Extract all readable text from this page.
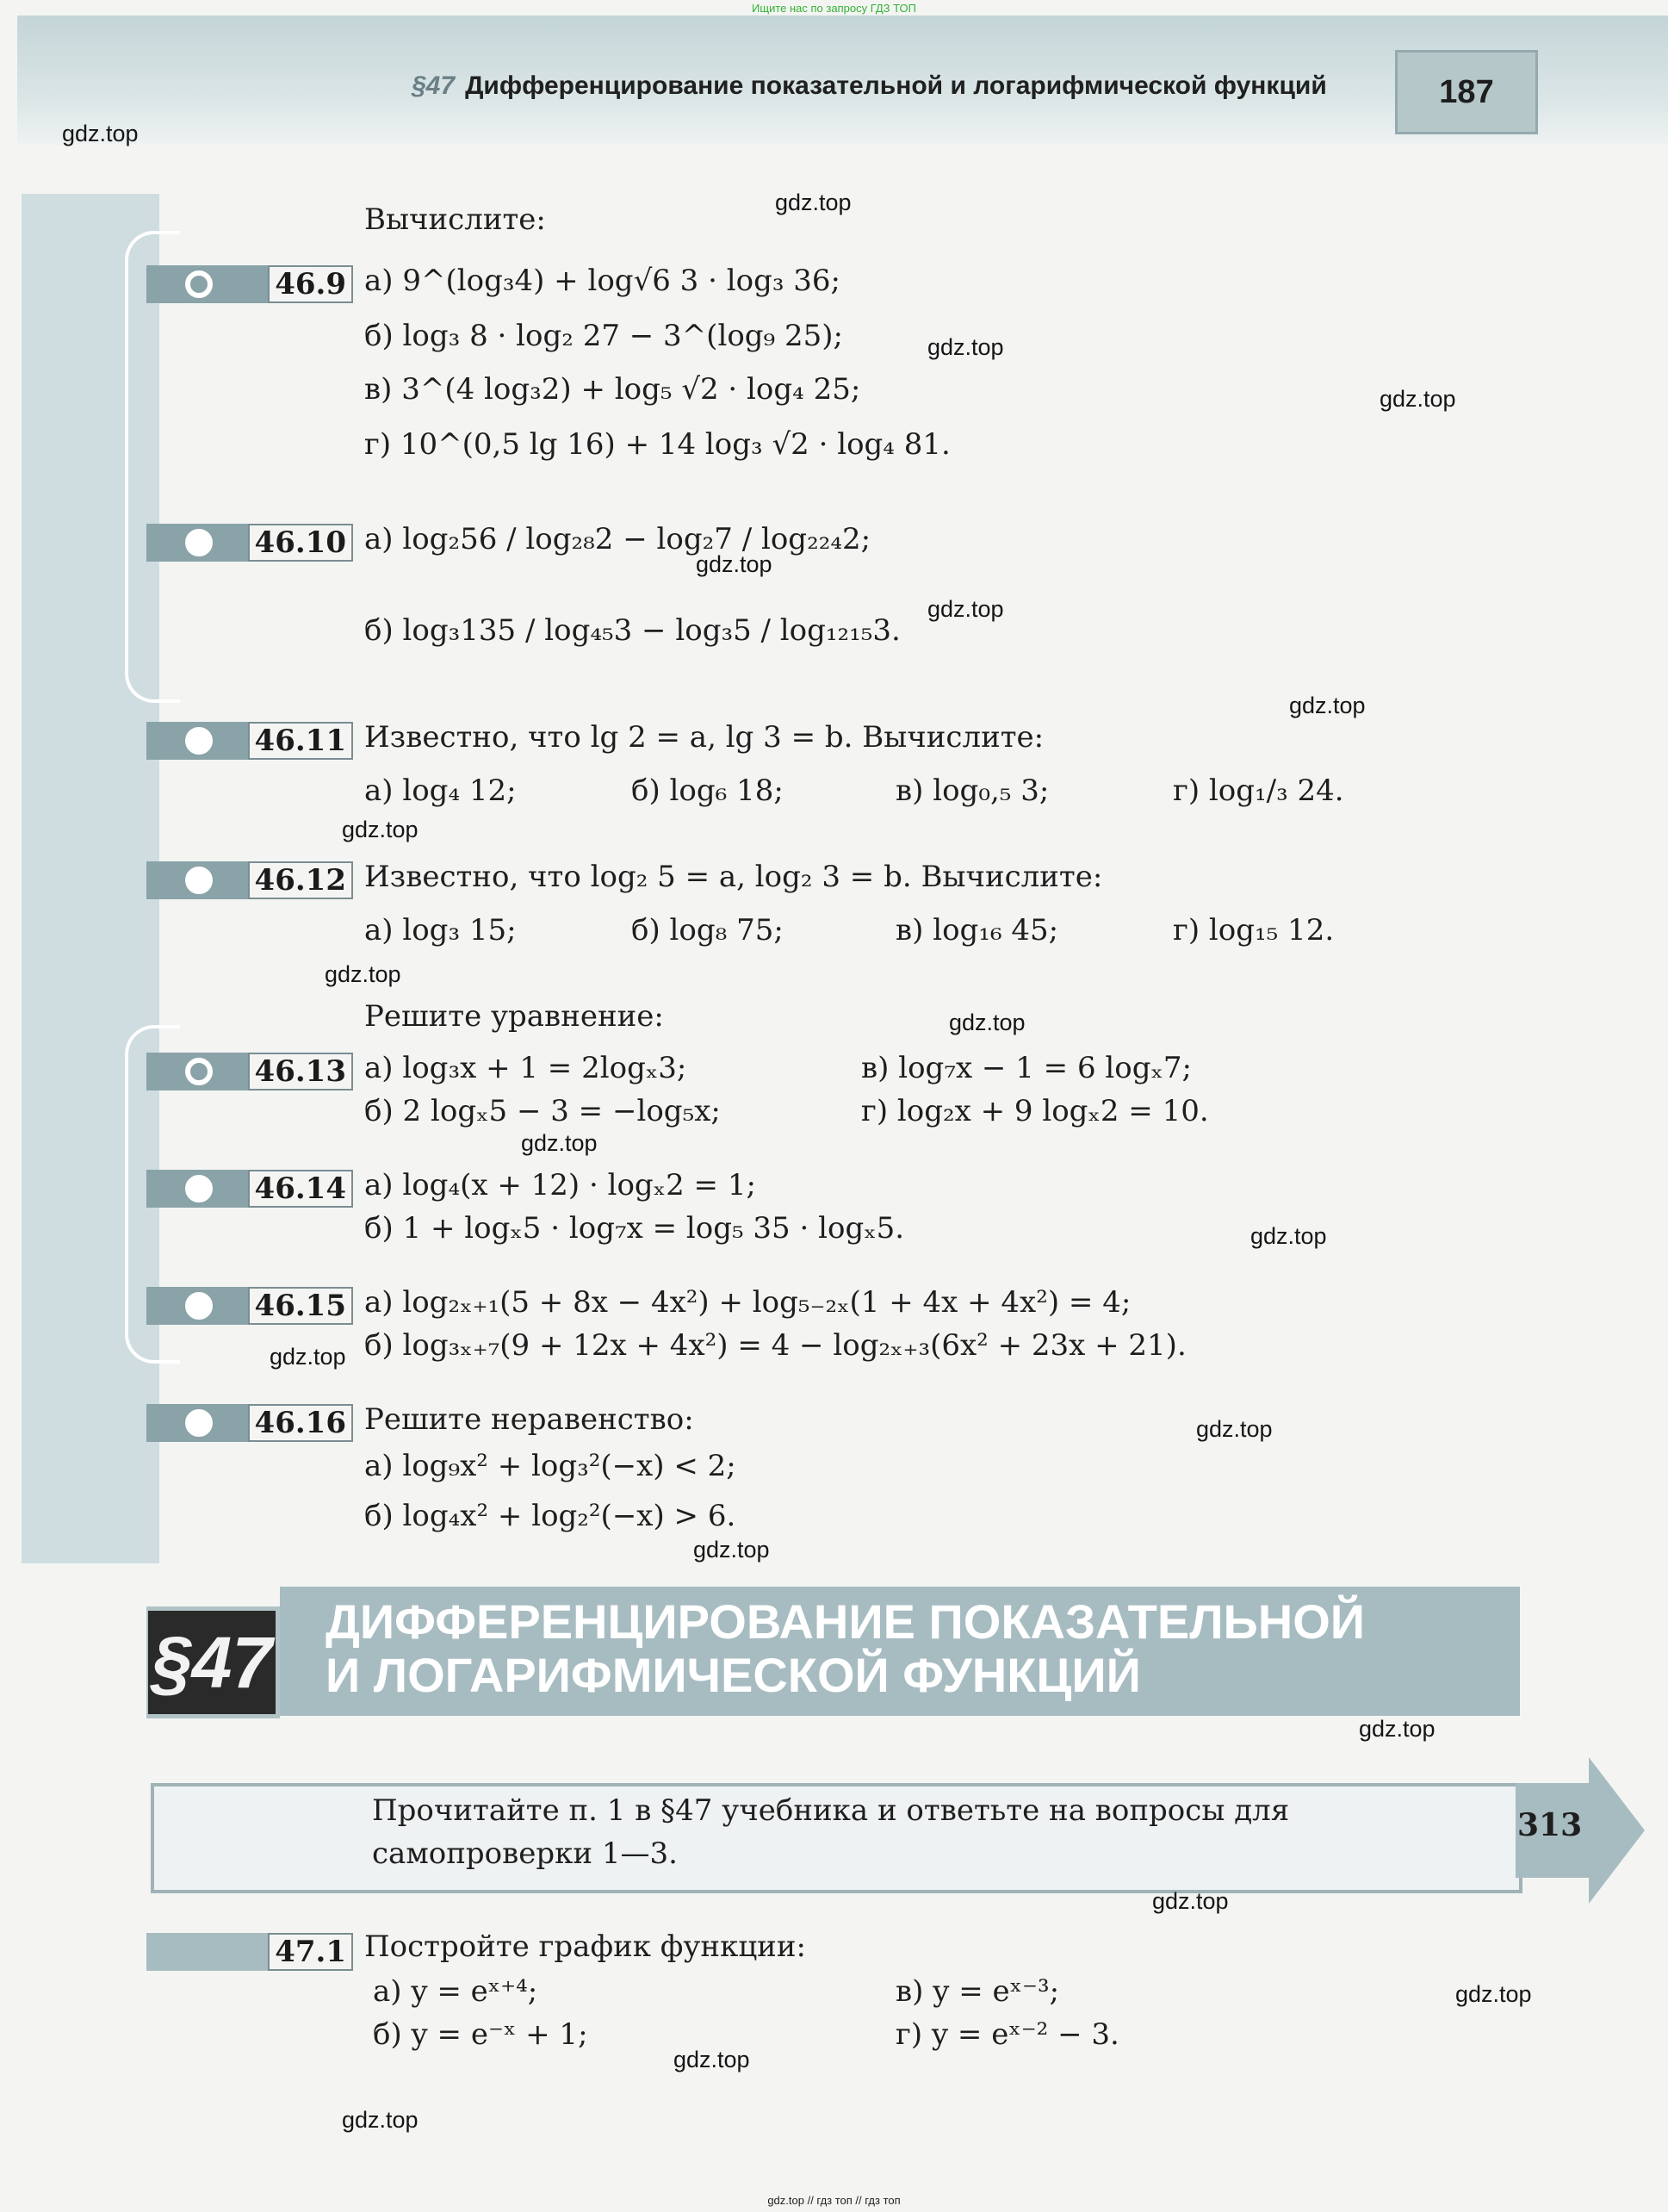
Ищите нас по запросу ГДЗ ТОП
§47 Дифференцирование показательной и логарифмической функций	187
Вычислите:
46.9 а) 9^(log₃4) + log√6 3 · log₃ 36;
б) log₃ 8 · log₂ 27 − 3^(log₉ 25);
в) 3^(4 log₃2) + log₅ √2 · log₄ 25;
г) 10^(0,5 lg 16) + 14 log₃ √2 · log₄ 81.
46.10 а) log₂56 / log₂₈2 − log₂7 / log₂₂₄2;
б) log₃135 / log₄₅3 − log₃5 / log₁₂₁₅3.
46.11 Известно, что lg 2 = a, lg 3 = b. Вычислите:
а) log₄ 12;	б) log₆ 18;	в) log₀,₅ 3;	г) log₁/₃ 24.
46.12 Известно, что log₂ 5 = a, log₂ 3 = b. Вычислите:
а) log₃ 15;	б) log₈ 75;	в) log₁₆ 45;	г) log₁₅ 12.
Решите уравнение:
46.13 а) log₃x + 1 = 2logₓ3;	в) log₇x − 1 = 6 logₓ7;
б) 2 logₓ5 − 3 = −log₅x;	г) log₂x + 9 logₓ2 = 10.
46.14 а) log₄(x + 12) · logₓ2 = 1;
б) 1 + logₓ5 · log₇x = log₅ 35 · logₓ5.
46.15 а) log₂ₓ₊₁(5 + 8x − 4x²) + log₅₋₂ₓ(1 + 4x + 4x²) = 4;
б) log₃ₓ₊₇(9 + 12x + 4x²) = 4 − log₂ₓ₊₃(6x² + 23x + 21).
46.16 Решите неравенство:
а) log₉x² + log₃²(−x) < 2;
б) log₄x² + log₂²(−x) > 6.
§47
ДИФФЕРЕНЦИРОВАНИЕ ПОКАЗАТЕЛЬНОЙ
И ЛОГАРИФМИЧЕСКОЙ ФУНКЦИЙ
Прочитайте п. 1 в §47 учебника и ответьте на вопросы для
самопроверки 1—3.
313
47.1 Постройте график функции:
а) y = eˣ⁺⁴;	в) y = eˣ⁻³;
б) y = e⁻ˣ + 1;	г) y = eˣ⁻² − 3.
gdz.top
gdz.top
gdz.top
gdz.top
gdz.top
gdz.top
gdz.top
gdz.top
gdz.top
gdz.top
gdz.top
gdz.top
gdz.top
gdz.top
gdz.top
gdz.top
gdz.top
gdz.top
gdz.top
gdz.top
gdz.top // гдз топ // гдз топ
